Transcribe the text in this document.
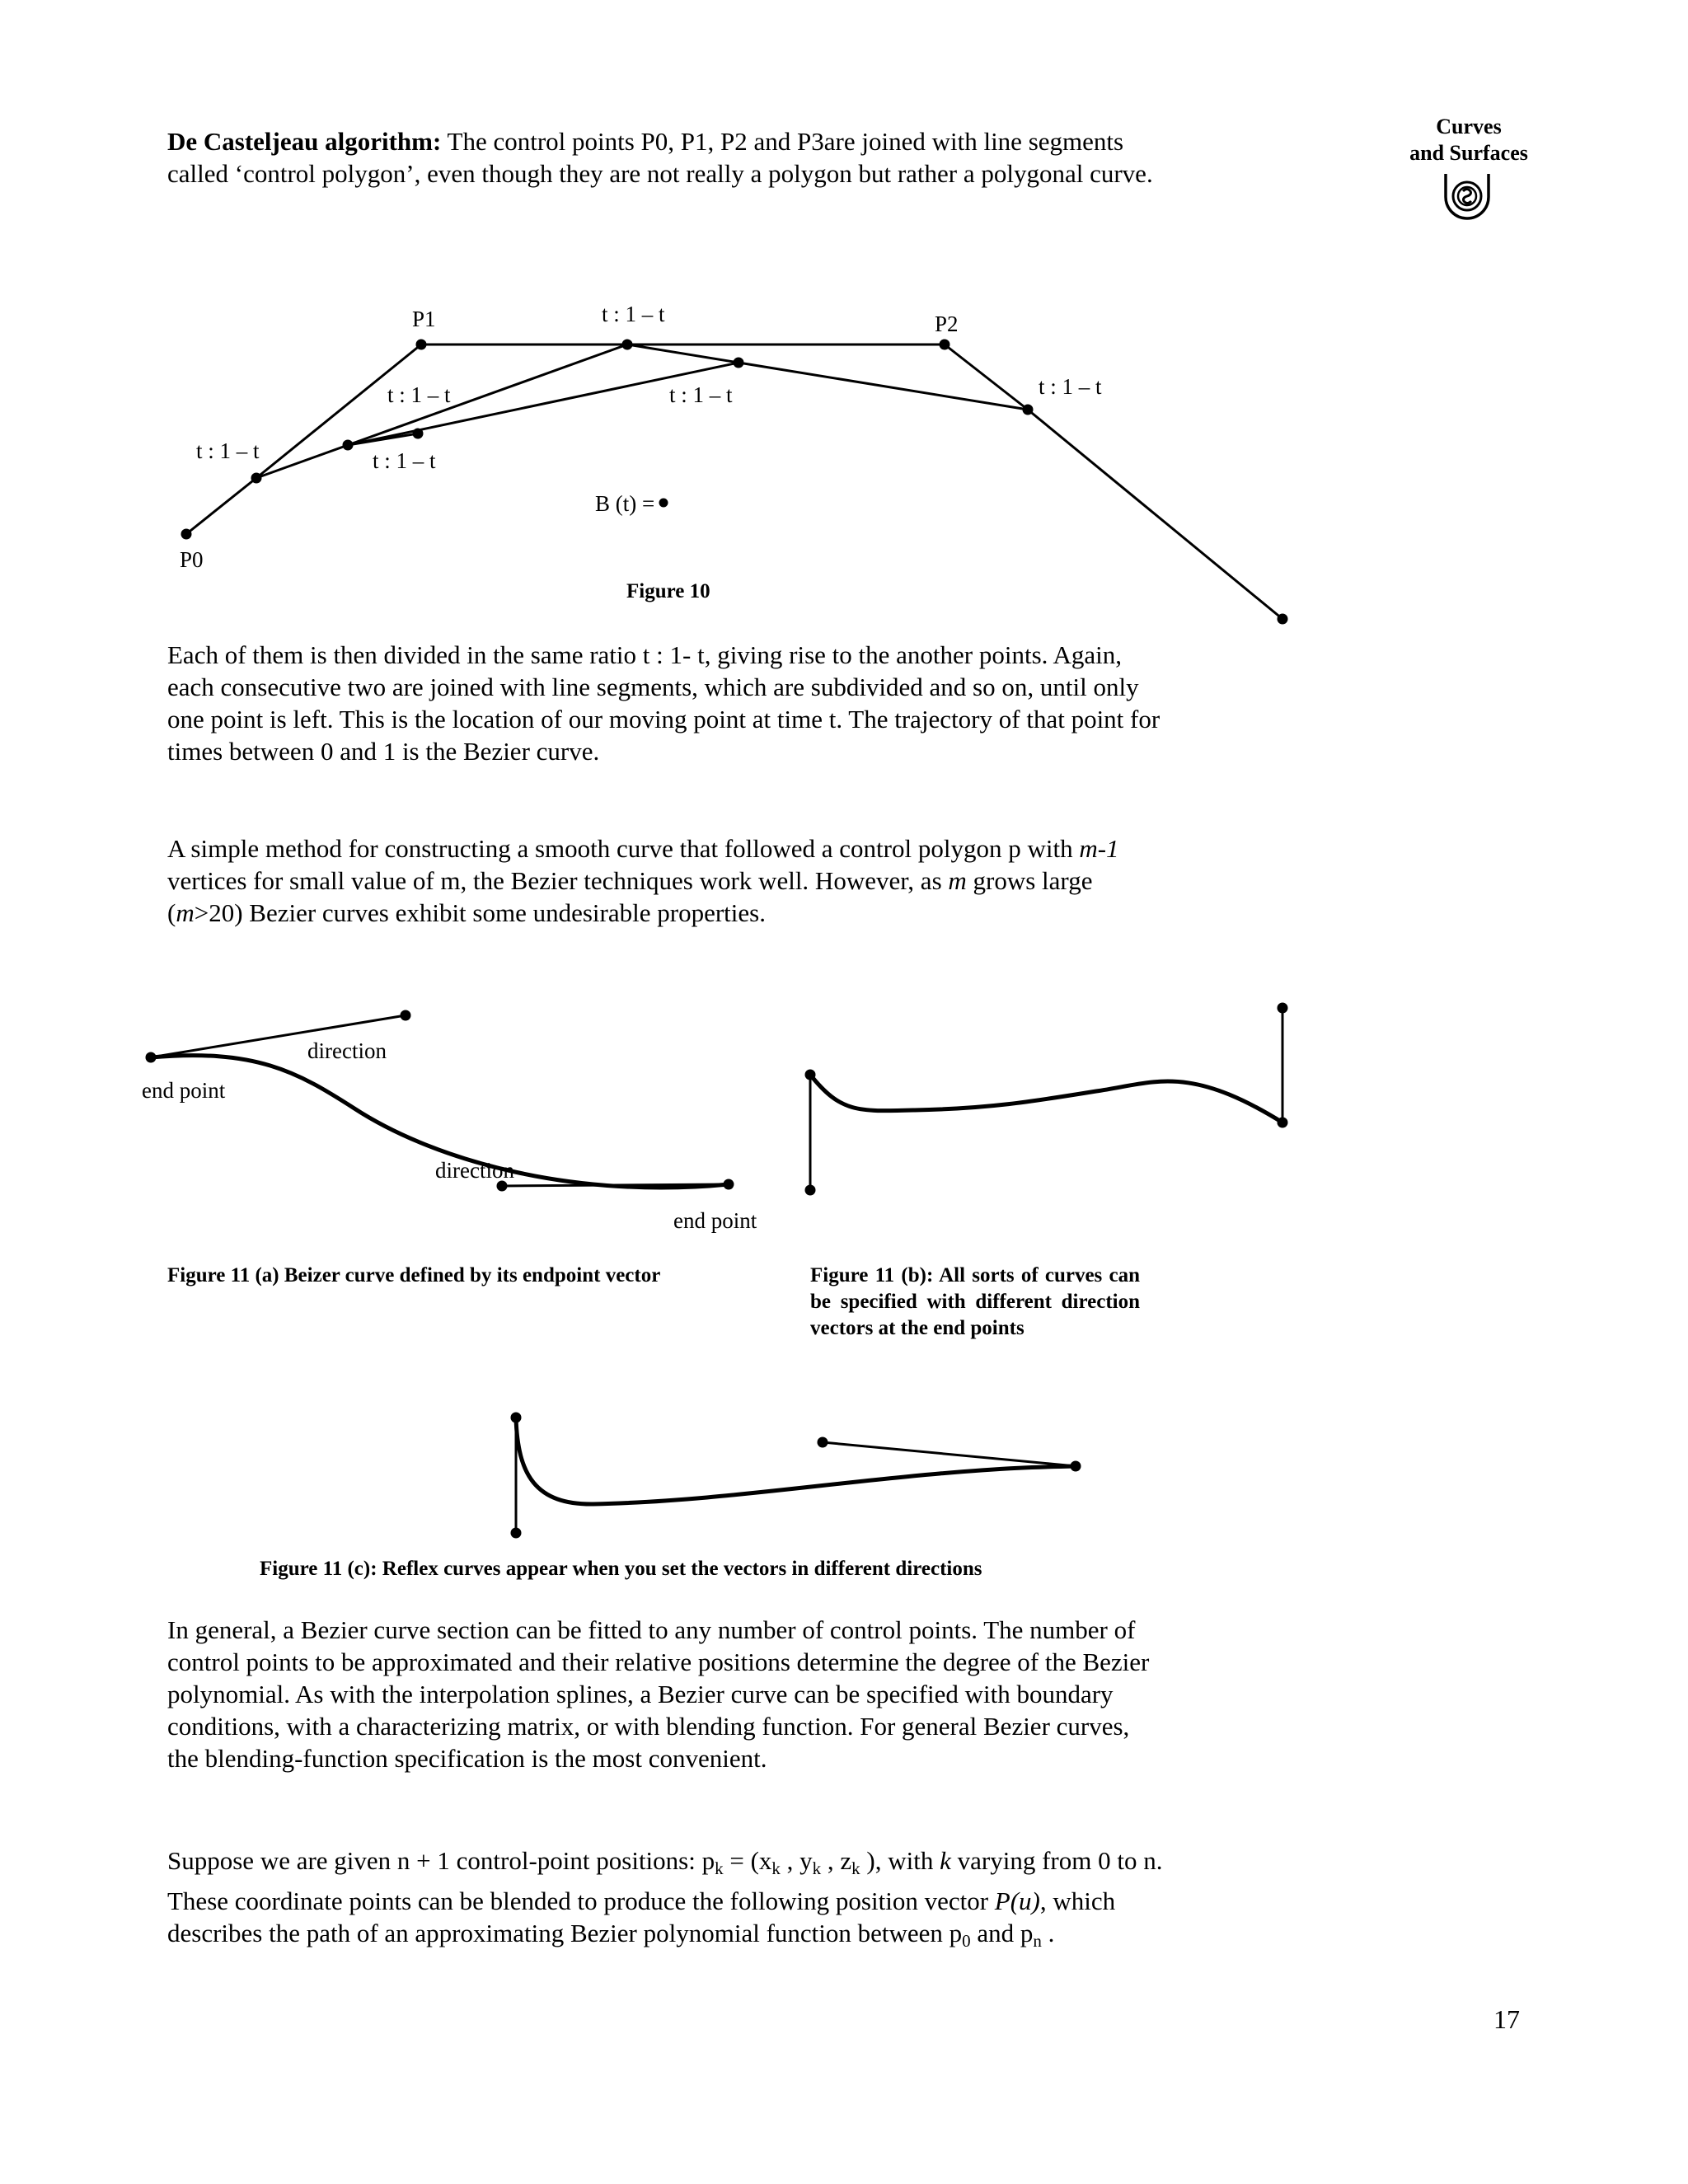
Curves
and Surfaces

De Casteljeau algorithm: The control points P0, P1, P2 and P3are joined with line segments called ‘control polygon’, even though they are not really a polygon but rather a polygonal curve.

P1	P2
P0
t : 1 – t
t : 1 – t	t : 1 – t	t : 1 – t
t : 1 – t	t : 1 – t
B (t) =
Figure 10

Each of them is then divided in the same ratio t : 1- t, giving rise to the another points. Again, each consecutive two are joined with line segments, which are subdivided and so on, until only one point is left. This is the location of our moving point at time t. The trajectory of that point for times between 0 and 1 is the Bezier curve.

A simple method for constructing a smooth curve that followed a control polygon p with m-1 vertices for small value of m, the Bezier techniques work well. However, as m grows large (m>20) Bezier curves exhibit some undesirable properties.

direction
end point
direction
end point
Figure 11 (a) Beizer curve defined by its endpoint vector	Figure 11 (b): All sorts of curves can be specified with different direction vectors at the end points
Figure 11 (c): Reflex curves appear when you set the vectors in different directions

In general, a Bezier curve section can be fitted to any number of control points. The number of control points to be approximated and their relative positions determine the degree of the Bezier polynomial. As with the interpolation splines, a Bezier curve can be specified with boundary conditions, with a characterizing matrix, or with blending function. For general Bezier curves, the blending-function specification is the most convenient.

Suppose we are given n + 1 control-point positions: $p_k = (x_k$ , $y_k$ , $z_k$ ), with k varying from 0 to n. These coordinate points can be blended to produce the following position vector P(u), which describes the path of an approximating Bezier polynomial function between $p_0$ and $p_n$ .

17
